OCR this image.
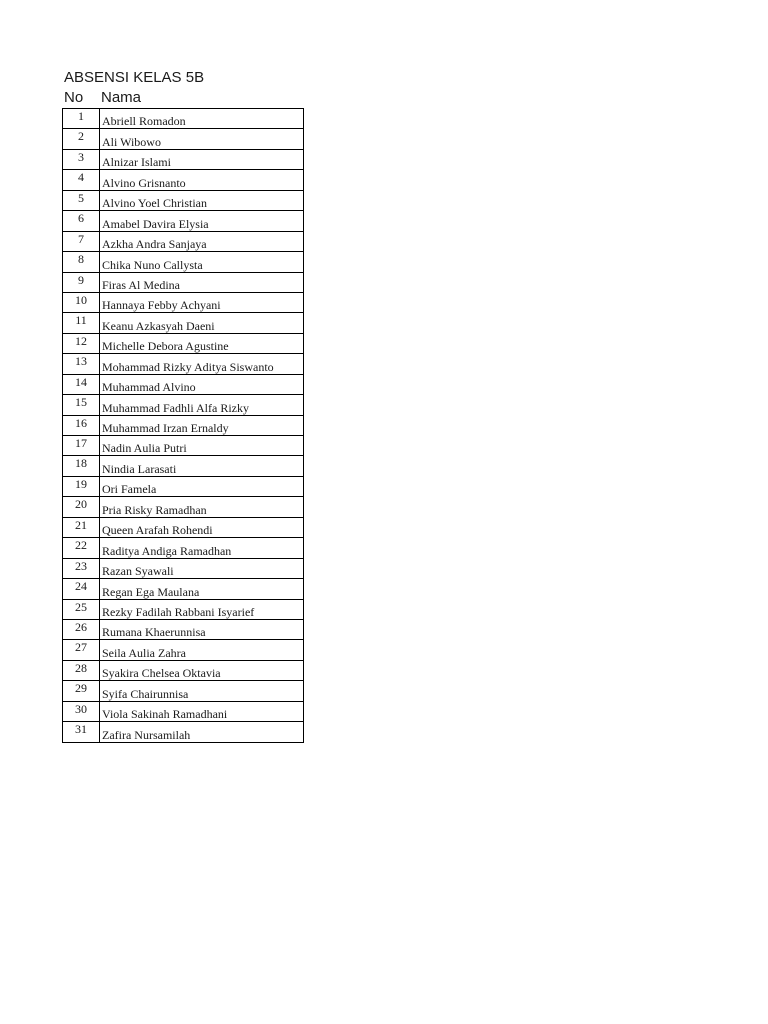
ABSENSI KELAS 5B
No Nama
1	Abriell Romadon
2	Ali Wibowo
3	Alnizar Islami
4	Alvino Grisnanto
5	Alvino Yoel Christian
6	Amabel Davira Elysia
7	Azkha Andra Sanjaya
8	Chika Nuno Callysta
9	Firas Al Medina
10	Hannaya Febby Achyani
11	Keanu Azkasyah Daeni
12	Michelle Debora Agustine
13	Mohammad Rizky Aditya Siswanto
14	Muhammad Alvino
15	Muhammad Fadhli Alfa Rizky
16	Muhammad Irzan Ernaldy
17	Nadin Aulia Putri
18	Nindia Larasati
19	Ori Famela
20	Pria Risky Ramadhan
21	Queen Arafah Rohendi
22	Raditya Andiga Ramadhan
23	Razan Syawali
24	Regan Ega Maulana
25	Rezky Fadilah Rabbani Isyarief
26	Rumana Khaerunnisa
27	Seila Aulia Zahra
28	Syakira Chelsea Oktavia
29	Syifa Chairunnisa
30	Viola Sakinah Ramadhani
31	Zafira Nursamilah
